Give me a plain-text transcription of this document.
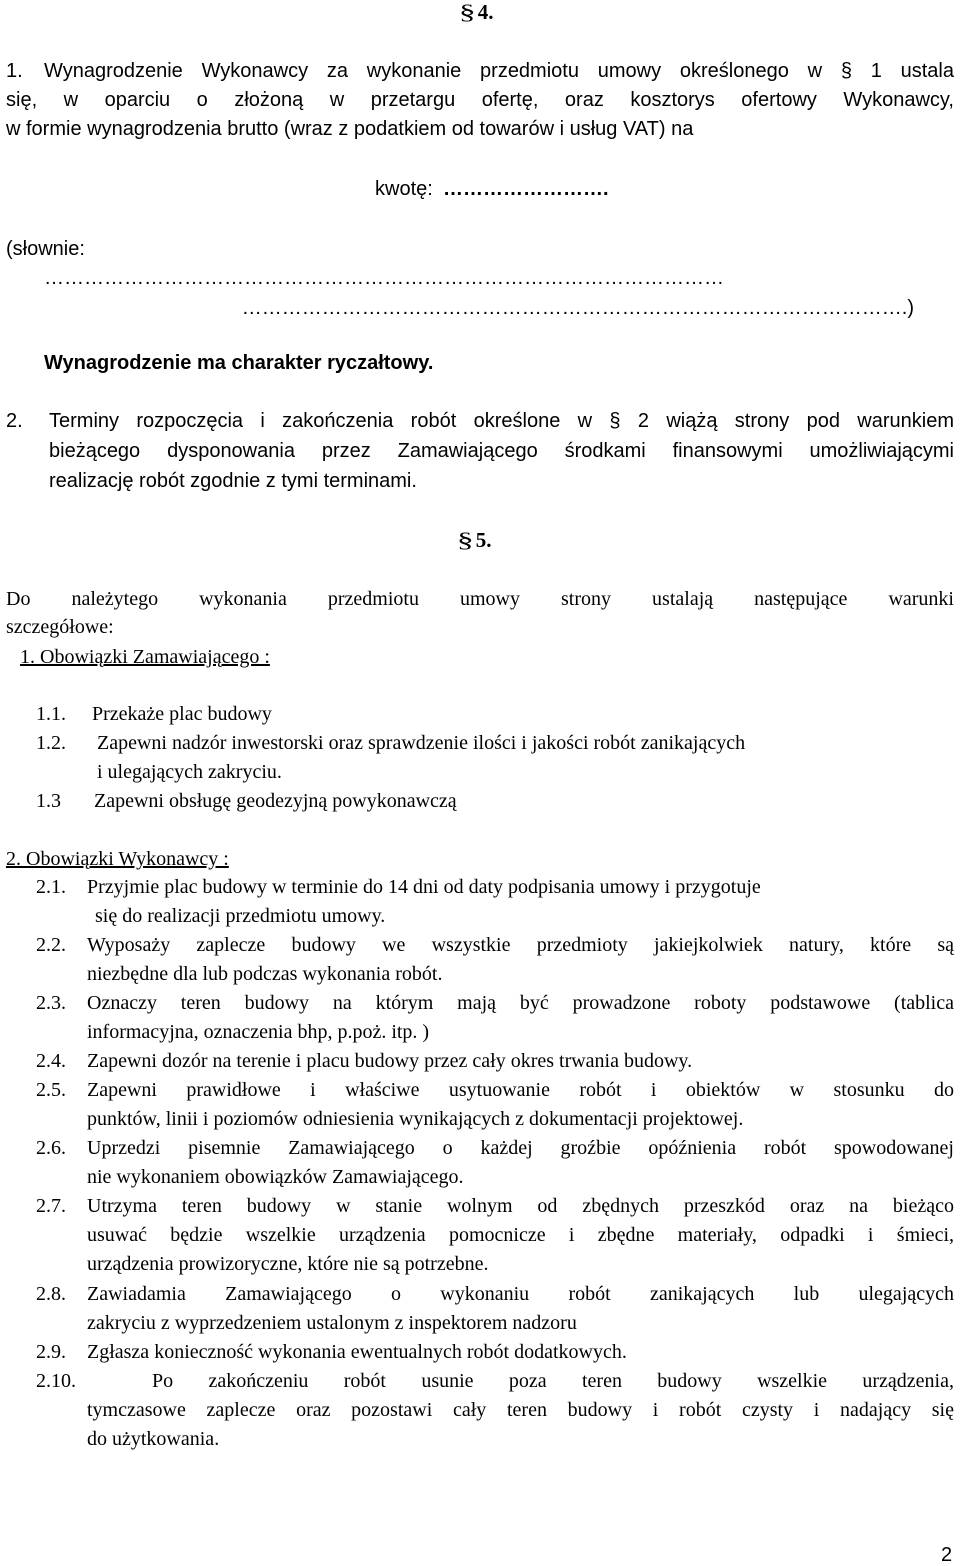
§ 4.
1. Wynagrodzenie Wykonawcy za wykonanie przedmiotu umowy określonego w § 1 ustala
się, w oparciu o złożoną w przetargu ofertę, oraz kosztorys ofertowy Wykonawcy,
w formie wynagrodzenia brutto (wraz z podatkiem od towarów i usług VAT) na
kwotę: …………………….
(słownie:
…………………………………………………………………………………………
……………………………………………………………………………………….)
Wynagrodzenie ma charakter ryczałtowy.
2. Terminy rozpoczęcia i zakończenia robót określone w § 2 wiążą strony pod warunkiem
bieżącego dysponowania przez Zamawiającego środkami finansowymi umożliwiającymi
realizację robót zgodnie z tymi terminami.
§ 5.
Do należytego wykonania przedmiotu umowy strony ustalają następujące warunki
szczegółowe:
1. Obowiązki Zamawiającego :
1.1. Przekaże plac budowy
1.2. Zapewni nadzór inwestorski oraz sprawdzenie ilości i jakości robót zanikających
i ulegających zakryciu.
1.3 Zapewni obsługę geodezyjną powykonawczą
2. Obowiązki Wykonawcy :
2.1. Przyjmie plac budowy w terminie do 14 dni od daty podpisania umowy i przygotuje
się do realizacji przedmiotu umowy.
2.2. Wyposaży zaplecze budowy we wszystkie przedmioty jakiejkolwiek natury, które są
niezbędne dla lub podczas wykonania robót.
2.3. Oznaczy teren budowy na którym mają być prowadzone roboty podstawowe (tablica
informacyjna, oznaczenia bhp, p.poż. itp. )
2.4. Zapewni dozór na terenie i placu budowy przez cały okres trwania budowy.
2.5. Zapewni prawidłowe i właściwe usytuowanie robót i obiektów w stosunku do
punktów, linii i poziomów odniesienia wynikających z dokumentacji projektowej.
2.6. Uprzedzi pisemnie Zamawiającego o każdej groźbie opóźnienia robót spowodowanej
nie wykonaniem obowiązków Zamawiającego.
2.7. Utrzyma teren budowy w stanie wolnym od zbędnych przeszkód oraz na bieżąco
usuwać będzie wszelkie urządzenia pomocnicze i zbędne materiały, odpadki i śmieci,
urządzenia prowizoryczne, które nie są potrzebne.
2.8. Zawiadamia Zamawiającego o wykonaniu robót zanikających lub ulegających
zakryciu z wyprzedzeniem ustalonym z inspektorem nadzoru
2.9. Zgłasza konieczność wykonania ewentualnych robót dodatkowych.
2.10.	Po zakończeniu robót usunie poza teren budowy wszelkie urządzenia,
tymczasowe zaplecze oraz pozostawi cały teren budowy i robót czysty i nadający się
do użytkowania.
2
